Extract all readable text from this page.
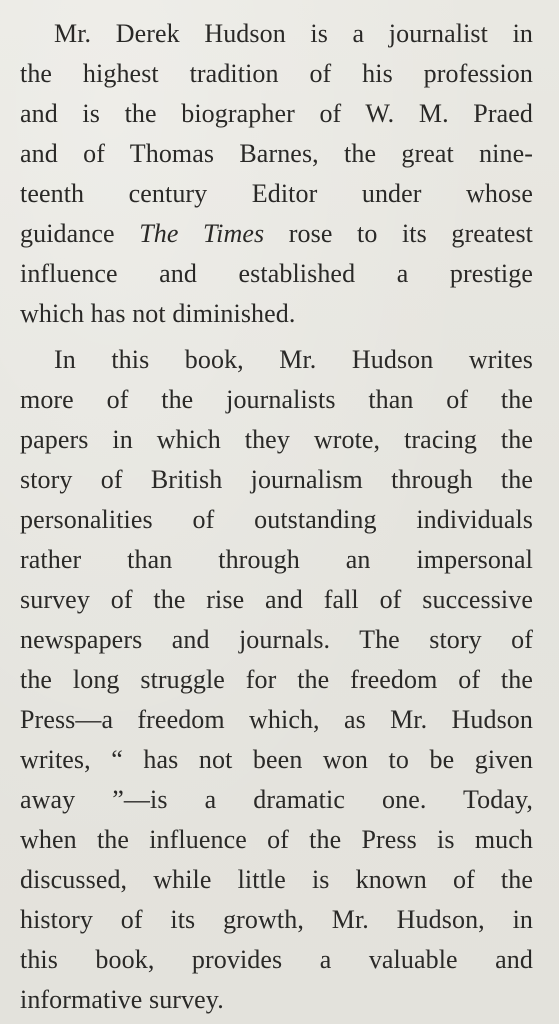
Mr. Derek Hudson is a journalist in
the highest tradition of his profession
and is the biographer of W. M. Praed
and of Thomas Barnes, the great nine-
teenth century Editor under whose
guidance The Times rose to its greatest
influence and established a prestige
which has not diminished.
In this book, Mr. Hudson writes
more of the journalists than of the
papers in which they wrote, tracing the
story of British journalism through the
personalities of outstanding individuals
rather than through an impersonal
survey of the rise and fall of successive
newspapers and journals. The story of
the long struggle for the freedom of the
Press—a freedom which, as Mr. Hudson
writes, “ has not been won to be given
away ”—is a dramatic one. Today,
when the influence of the Press is much
discussed, while little is known of the
history of its growth, Mr. Hudson, in
this book, provides a valuable and
informative survey.
